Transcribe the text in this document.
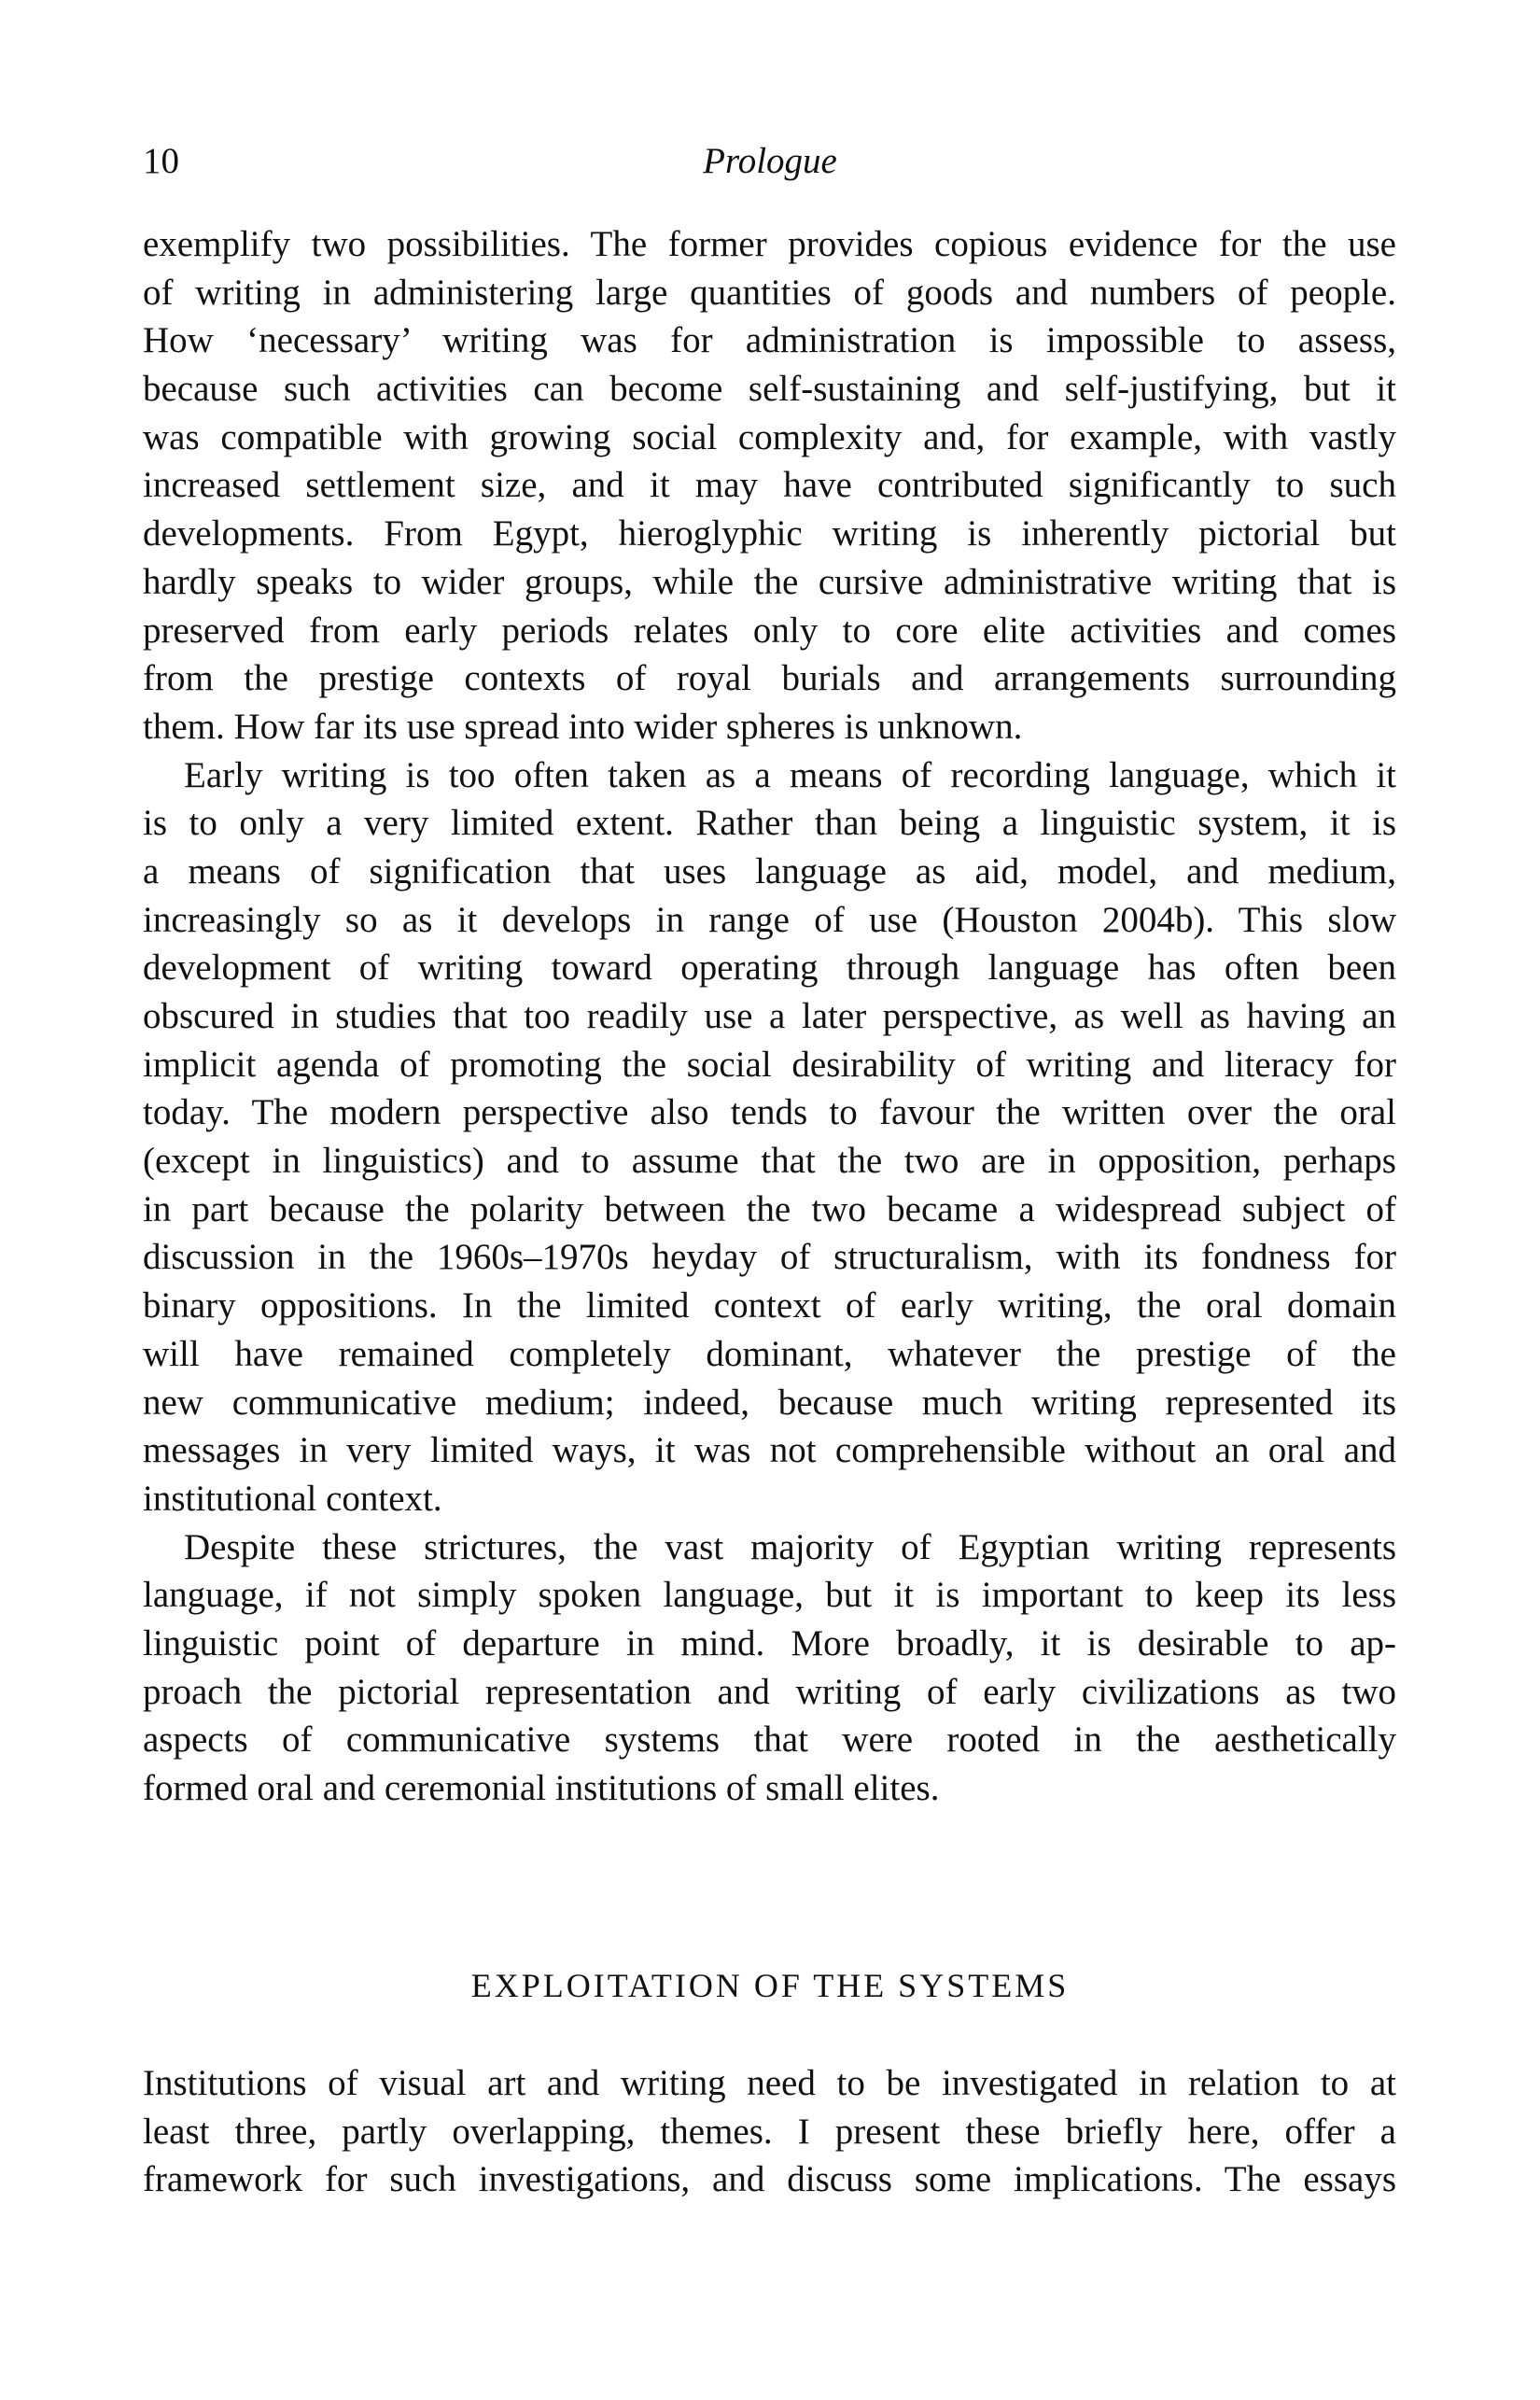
10	Prologue
exemplify two possibilities. The former provides copious evidence for the use
of writing in administering large quantities of goods and numbers of people.
How ‘necessary’ writing was for administration is impossible to assess,
because such activities can become self-sustaining and self-justifying, but it
was compatible with growing social complexity and, for example, with vastly
increased settlement size, and it may have contributed significantly to such
developments. From Egypt, hieroglyphic writing is inherently pictorial but
hardly speaks to wider groups, while the cursive administrative writing that is
preserved from early periods relates only to core elite activities and comes
from the prestige contexts of royal burials and arrangements surrounding
them. How far its use spread into wider spheres is unknown.
Early writing is too often taken as a means of recording language, which it
is to only a very limited extent. Rather than being a linguistic system, it is
a means of signification that uses language as aid, model, and medium,
increasingly so as it develops in range of use (Houston 2004b). This slow
development of writing toward operating through language has often been
obscured in studies that too readily use a later perspective, as well as having an
implicit agenda of promoting the social desirability of writing and literacy for
today. The modern perspective also tends to favour the written over the oral
(except in linguistics) and to assume that the two are in opposition, perhaps
in part because the polarity between the two became a widespread subject of
discussion in the 1960s–1970s heyday of structuralism, with its fondness for
binary oppositions. In the limited context of early writing, the oral domain
will have remained completely dominant, whatever the prestige of the
new communicative medium; indeed, because much writing represented its
messages in very limited ways, it was not comprehensible without an oral and
institutional context.
Despite these strictures, the vast majority of Egyptian writing represents
language, if not simply spoken language, but it is important to keep its less
linguistic point of departure in mind. More broadly, it is desirable to ap-
proach the pictorial representation and writing of early civilizations as two
aspects of communicative systems that were rooted in the aesthetically
formed oral and ceremonial institutions of small elites.
EXPLOITATION OF THE SYSTEMS
Institutions of visual art and writing need to be investigated in relation to at
least three, partly overlapping, themes. I present these briefly here, offer a
framework for such investigations, and discuss some implications. The essays
